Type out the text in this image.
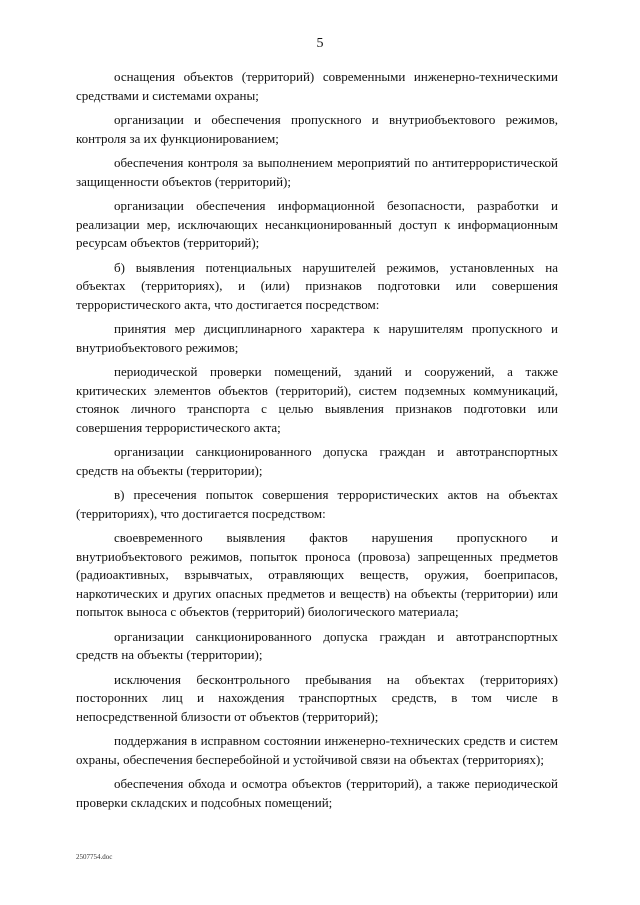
5

оснащения объектов (территорий) современными инженерно-техническими средствами и системами охраны;

организации и обеспечения пропускного и внутриобъектового режимов, контроля за их функционированием;

обеспечения контроля за выполнением мероприятий по антитеррористической защищенности объектов (территорий);

организации обеспечения информационной безопасности, разработки и реализации мер, исключающих несанкционированный доступ к информационным ресурсам объектов (территорий);

б) выявления потенциальных нарушителей режимов, установленных на объектах (территориях), и (или) признаков подготовки или совершения террористического акта, что достигается посредством:

принятия мер дисциплинарного характера к нарушителям пропускного и внутриобъектового режимов;

периодической проверки помещений, зданий и сооружений, а также критических элементов объектов (территорий), систем подземных коммуникаций, стоянок личного транспорта с целью выявления признаков подготовки или совершения террористического акта;

организации санкционированного допуска граждан и автотранспортных средств на объекты (территории);

в) пресечения попыток совершения террористических актов на объектах (территориях), что достигается посредством:

своевременного выявления фактов нарушения пропускного и внутриобъектового режимов, попыток проноса (провоза) запрещенных предметов (радиоактивных, взрывчатых, отравляющих веществ, оружия, боеприпасов, наркотических и других опасных предметов и веществ) на объекты (территории) или попыток выноса с объектов (территорий) биологического материала;

организации санкционированного допуска граждан и автотранспортных средств на объекты (территории);

исключения бесконтрольного пребывания на объектах (территориях) посторонних лиц и нахождения транспортных средств, в том числе в непосредственной близости от объектов (территорий);

поддержания в исправном состоянии инженерно-технических средств и систем охраны, обеспечения бесперебойной и устойчивой связи на объектах (территориях);

обеспечения обхода и осмотра объектов (территорий), а также периодической проверки складских и подсобных помещений;

2507754.doc
